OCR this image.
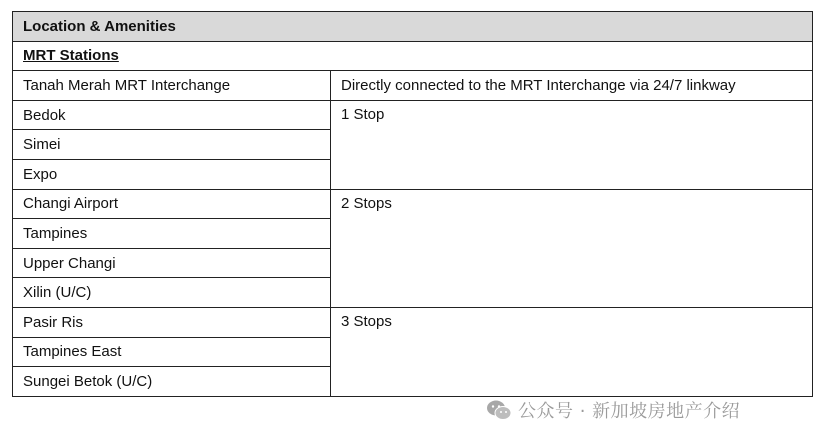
Location & Amenities	
MRT Stations	
Tanah Merah MRT Interchange	Directly connected to the MRT Interchange via 24/7 linkway
Bedok	1 Stop
Simei	
Expo	
Changi Airport	2 Stops
Tampines	
Upper Changi	
Xilin (U/C)	
Pasir Ris	3 Stops
Tampines East	
Sungei Betok (U/C)	
公众号 · 新加坡房地产介绍
